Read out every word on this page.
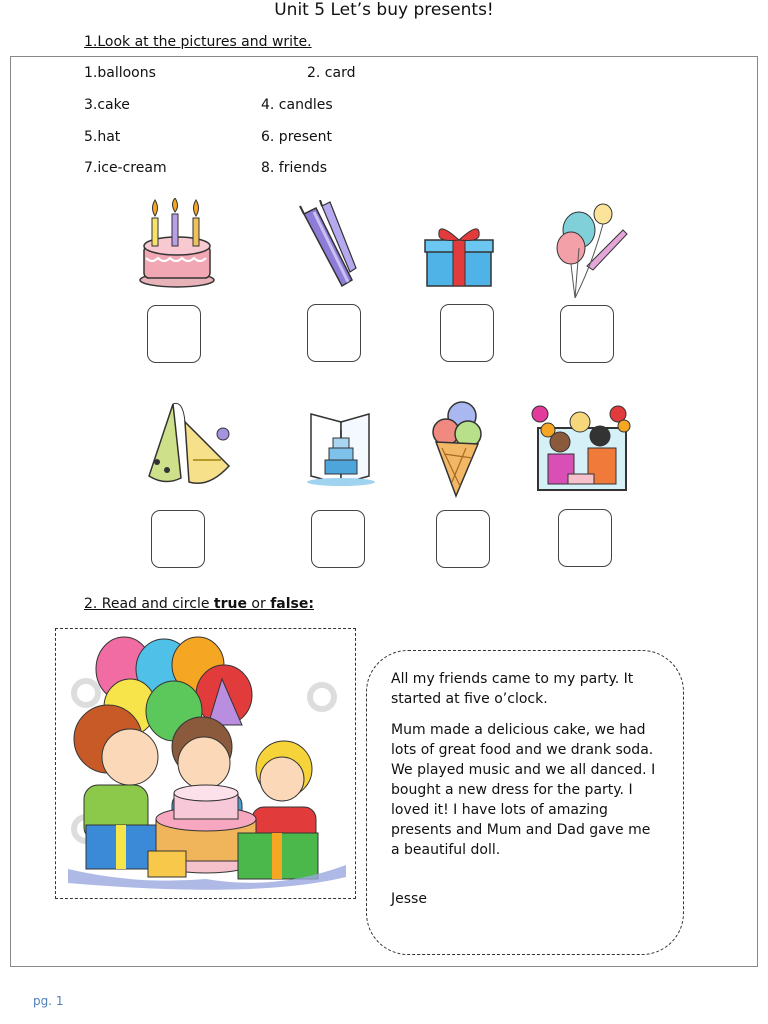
Unit 5 Let’s buy presents!
1.Look at the pictures and write.
1.balloons	2. card
3.cake	4. candles
5.hat	6. present
7.ice-cream	8. friends
2. Read and circle true or false:
All my friends came to my party. It started at five o’clock.
Mum made a delicious cake, we had lots of great food and we drank soda. We played music and we all danced. I bought a new dress for the party. I loved it! I have lots of amazing presents and Mum and Dad gave me a beautiful doll.
Jesse
pg. 1
